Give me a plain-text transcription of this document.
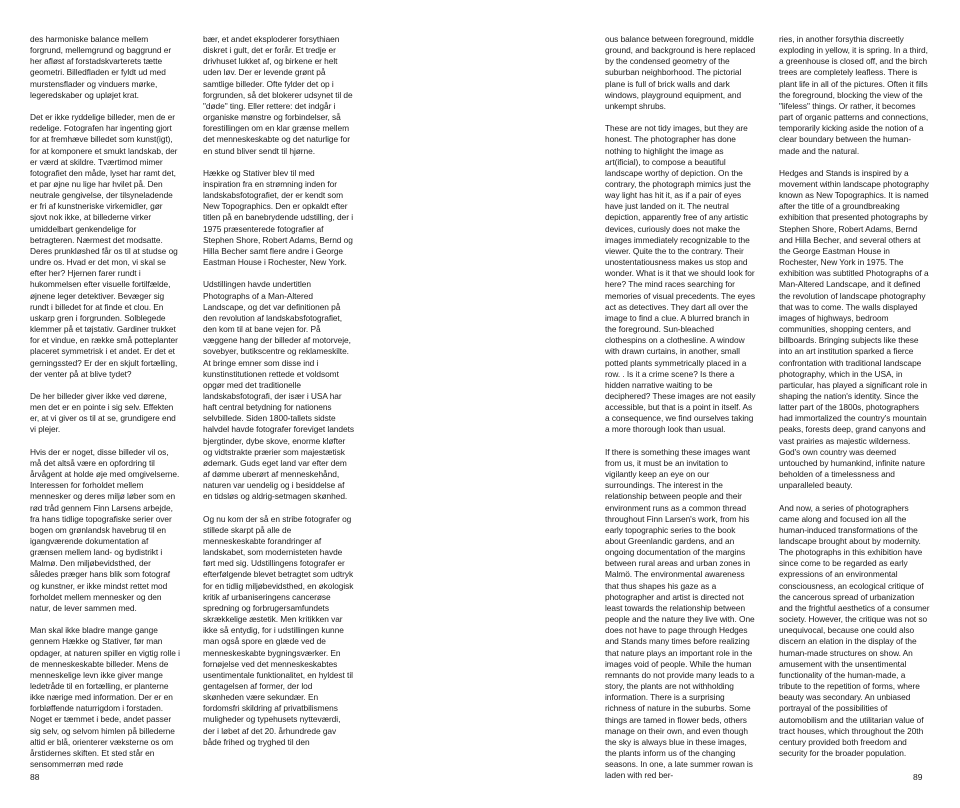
des harmoniske balance mellem forgrund, mellemgrund og baggrund er her afløst af forstadskvarterets tætte geometri. Billedfladen er fyldt ud med murstensflader og vinduers mørke, legeredskaber og upløjet krat.

Det er ikke ryddelige billeder, men de er redelige. Fotografen har ingenting gjort for at fremhæve billedet som kunst(igt), for at komponere et smukt landskab, der er værd at skildre. Tværtimod mimer fotografiet den måde, lyset har ramt det, et par øjne nu lige har hvilet på. Den neutrale gengivelse, der tilsyneladende er fri af kunstneriske virkemidler, gør sjovt nok ikke, at billederne virker umiddelbart genkendelige for betragteren. Nærmest det modsatte. Deres prunkløshed får os til at studse og undre os. Hvad er det mon, vi skal se efter her? Hjernen farer rundt i hukommelsen efter visuelle fortilfælde, øjnene leger detektiver. Bevæger sig rundt i billedet for at finde et clou. En uskarp gren i forgrunden. Solblegede klemmer på et tøjstativ. Gardiner trukket for et vindue, en række små potteplanter placeret symmetrisk i et andet. Er det et gerningssted? Er der en skjult fortælling, der venter på at blive tydet?

De her billeder giver ikke ved dørene, men det er en pointe i sig selv. Effekten er, at vi giver os til at se, grundigere end vi plejer.

Hvis der er noget, disse billeder vil os, må det altså være en opfordring til årvågent at holde øje med omgivelserne. Interessen for forholdet mellem mennesker og deres miljø løber som en rød tråd gennem Finn Larsens arbejde, fra hans tidlige topografiske serier over bogen om grønlandsk havebrug til en igangværende dokumentation af grænsen mellem land- og bydistrikt i Malmø. Den miljøbevidsthed, der således præger hans blik som fotograf og kunstner, er ikke mindst rettet mod forholdet mellem mennesker og den natur, de lever sammen med.

Man skal ikke bladre mange gange gennem Hække og Stativer, før man opdager, at naturen spiller en vigtig rolle i de menneskeskabte billeder. Mens de menneskelige levn ikke giver mange ledetråde til en fortælling, er planterne ikke nærige med information. Der er en forbløffende naturrigdom i forstaden. Noget er tæmmet i bede, andet passer sig selv, og selvom himlen på billederne altid er blå, orienterer væksterne os om årstidernes skiften. Et sted står en sensommerrøn med røde

bær, et andet eksploderer forsythiaen diskret i gult, det er forår. Et tredje er drivhuset lukket af, og birkene er helt uden løv. Der er levende grønt på samtlige billeder. Ofte fylder det op i forgrunden, så det blokerer udsynet til de "døde" ting. Eller rettere: det indgår i organiske mønstre og forbindelser, så forestillingen om en klar grænse mellem det menneskeskabte og det naturlige for en stund bliver sendt til hjørne.

Hække og Stativer blev til med inspiration fra en strømning inden for landskabsfotografiet, der er kendt som New Topographics. Den er opkaldt efter titlen på en banebrydende udstilling, der i 1975 præsenterede fotografier af Stephen Shore, Robert Adams, Bernd og Hilla Becher samt flere andre i George Eastman House i Rochester, New York.

Udstillingen havde undertitlen Photographs of a Man-Altered Landscape, og det var definitionen på den revolution af landskabsfotografiet, den kom til at bane vejen for. På væggene hang der billeder af motorveje, sovebyer, butikscentre og reklameskilte. At bringe emner som disse ind i kunstinstitutionen rettede et voldsomt opgør med det traditionelle landskabsfotografi, der især i USA har haft central betydning for nationens selvbillede. Siden 1800-tallets sidste halvdel havde fotografer foreviget landets bjergtinder, dybe skove, enorme kløfter og vidtstrakte prærier som majestætisk ødemark. Guds eget land var efter dem af dømme uberørt af menneskehånd, naturen var uendelig og i besiddelse af en tidsløs og aldrig-setmagen skønhed.

Og nu kom der så en stribe fotografer og stillede skarpt på alle de menneskeskabte forandringer af landskabet, som modernisteten havde ført med sig. Udstillingens fotografer er efterfølgende blevet betragtet som udtryk for en tidlig miljøbevidsthed, en økologisk kritik af urbaniseringens cancerøse spredning og forbrugersamfundets skrækkelige æstetik. Men kritikken var ikke så entydig, for i udstillingen kunne man også spore en glæde ved de menneskeskabte bygningsværker. En fornøjelse ved det menneskeskabtes usentimentale funktionalitet, en hyldest til gentagelsen af former, der lod skønheden være sekundær. En fordomsfri skildring af privatbilismens muligheder og typehusets nytteværdi, der i løbet af det 20. århundrede gav både frihed og tryghed til den

ous balance between foreground, middle ground, and background is here replaced by the condensed geometry of the suburban neighborhood. The pictorial plane is full of brick walls and dark windows, playground equipment, and unkempt shrubs.

These are not tidy images, but they are honest. The photographer has done nothing to highlight the image as art(ificial), to compose a beautiful landscape worthy of depiction. On the contrary, the photograph mimics just the way light has hit it, as if a pair of eyes have just landed on it. The neutral depiction, apparently free of any artistic devices, curiously does not make the images immediately recognizable to the viewer. Quite the to the contrary. Their unostentatiousness makes us stop and wonder. What is it that we should look for here? The mind races searching for memories of visual precedents. The eyes act as detectives. They dart all over the image to find a clue. A blurred branch in the foreground. Sun-bleached clothespins on a clothesline. A window with drawn curtains, in another, small potted plants symmetrically placed in a row. . Is it a crime scene? Is there a hidden narrative waiting to be deciphered? These images are not easily accessible, but that is a point in itself. As a consequence, we find ourselves taking a more thorough look than usual.

If there is something these images want from us, it must be an invitation to vigilantly keep an eye on our surroundings. The interest in the relationship between people and their environment runs as a common thread throughout Finn Larsen's work, from his early topographic series to the book about Greenlandic gardens, and an ongoing documentation of the margins between rural areas and urban zones in Malmö. The environmental awareness that thus shapes his gaze as a photographer and artist is directed not least towards the relationship between people and the nature they live with. One does not have to page through Hedges and Stands many times before realizing that nature plays an important role in the images void of people. While the human remnants do not provide many leads to a story, the plants are not withholding information. There is a surprising richness of nature in the suburbs. Some things are tamed in flower beds, others manage on their own, and even though the sky is always blue in these images, the plants inform us of the changing seasons. In one, a late summer rowan is laden with red ber-

ries, in another forsythia discreetly exploding in yellow, it is spring. In a third, a greenhouse is closed off, and the birch trees are completely leafless. There is plant life in all of the pictures. Often it fills the foreground, blocking the view of the "lifeless" things. Or rather, it becomes part of organic patterns and connections, temporarily kicking aside the notion of a clear boundary between the human-made and the natural.

Hedges and Stands is inspired by a movement within landscape photography known as New Topographics. It is named after the title of a groundbreaking exhibition that presented photographs by Stephen Shore, Robert Adams, Bernd and Hilla Becher, and several others at the George Eastman House in Rochester, New York in 1975. The exhibition was subtitled Photographs of a Man-Altered Landscape, and it defined the revolution of landscape photography that was to come. The walls displayed images of highways, bedroom communities, shopping centers, and billboards. Bringing subjects like these into an art institution sparked a fierce confrontation with traditional landscape photography, which in the USA, in particular, has played a significant role in shaping the nation's identity. Since the latter part of the 1800s, photographers had immortalized the country's mountain peaks, forests deep, grand canyons and vast prairies as majestic wilderness. God's own country was deemed untouched by humankind, infinite nature beholden of a timelessness and unparalleled beauty.

And now, a series of photographers came along and focused ion all the human-induced transformations of the landscape brought about by modernity. The photographs in this exhibition have since come to be regarded as early expressions of an environmental consciousness, an ecological critique of the cancerous spread of urbanization and the frightful aesthetics of a consumer society. However, the critique was not so unequivocal, because one could also discern an elation in the display of the human-made structures on show. An amusement with the unsentimental functionality of the human-made, a tribute to the repetition of forms, where beauty was secondary. An unbiased portrayal of the possibilities of automobilism and the utilitarian value of tract houses, which throughout the 20th century provided both freedom and security for the broader population.

88	89
